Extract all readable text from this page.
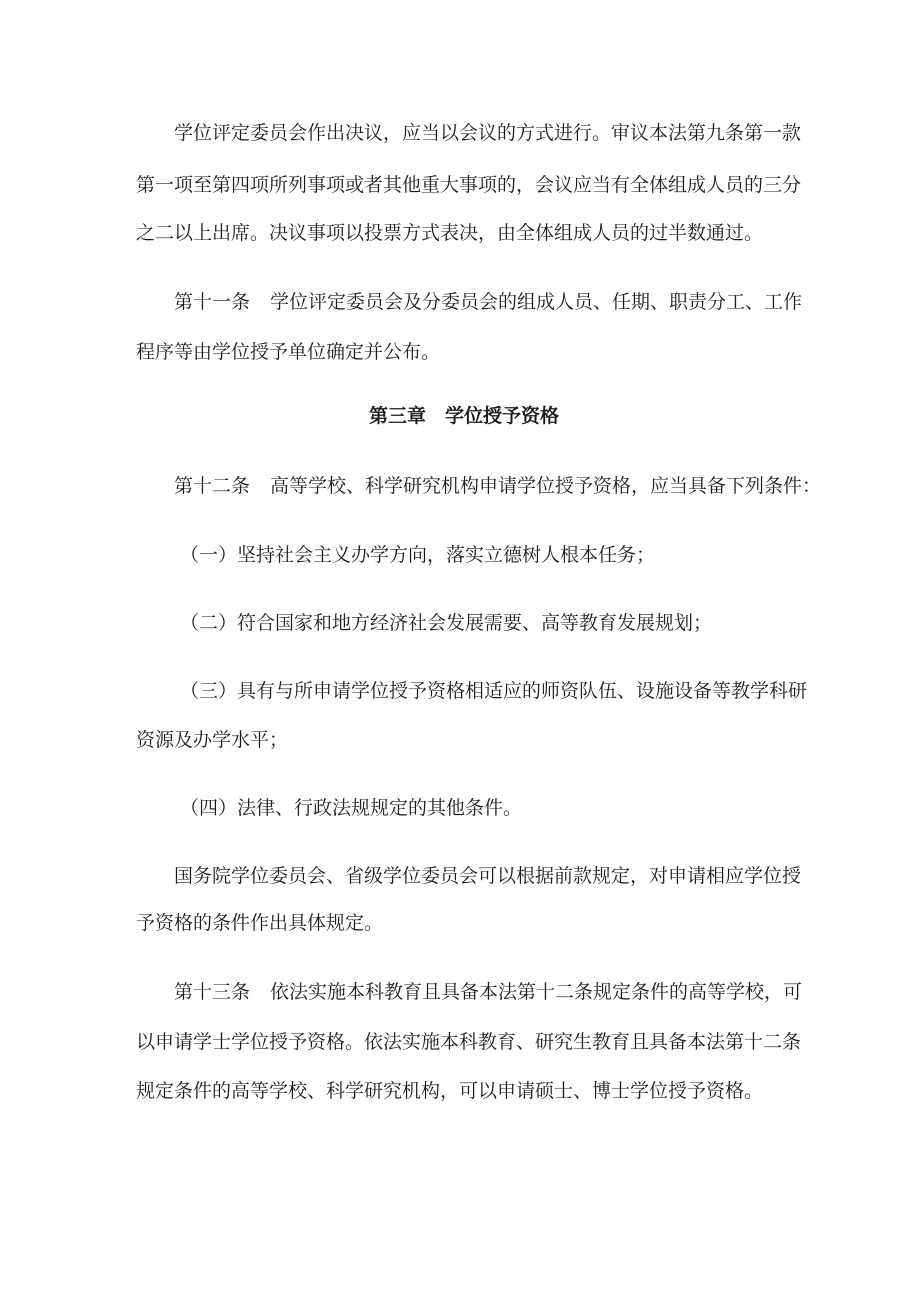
学位评定委员会作出决议，应当以会议的方式进行。审议本法第九条第一款
第一项至第四项所列事项或者其他重大事项的，会议应当有全体组成人员的三分
之二以上出席。决议事项以投票方式表决，由全体组成人员的过半数通过。
第十一条 学位评定委员会及分委员会的组成人员、任期、职责分工、工作
程序等由学位授予单位确定并公布。
第三章　学位授予资格
第十二条 高等学校、科学研究机构申请学位授予资格，应当具备下列条件：
（一）坚持社会主义办学方向，落实立德树人根本任务；
（二）符合国家和地方经济社会发展需要、高等教育发展规划；
（三）具有与所申请学位授予资格相适应的师资队伍、设施设备等教学科研
资源及办学水平；
（四）法律、行政法规规定的其他条件。
国务院学位委员会、省级学位委员会可以根据前款规定，对申请相应学位授
予资格的条件作出具体规定。
第十三条 依法实施本科教育且具备本法第十二条规定条件的高等学校，可
以申请学士学位授予资格。依法实施本科教育、研究生教育且具备本法第十二条
规定条件的高等学校、科学研究机构，可以申请硕士、博士学位授予资格。
